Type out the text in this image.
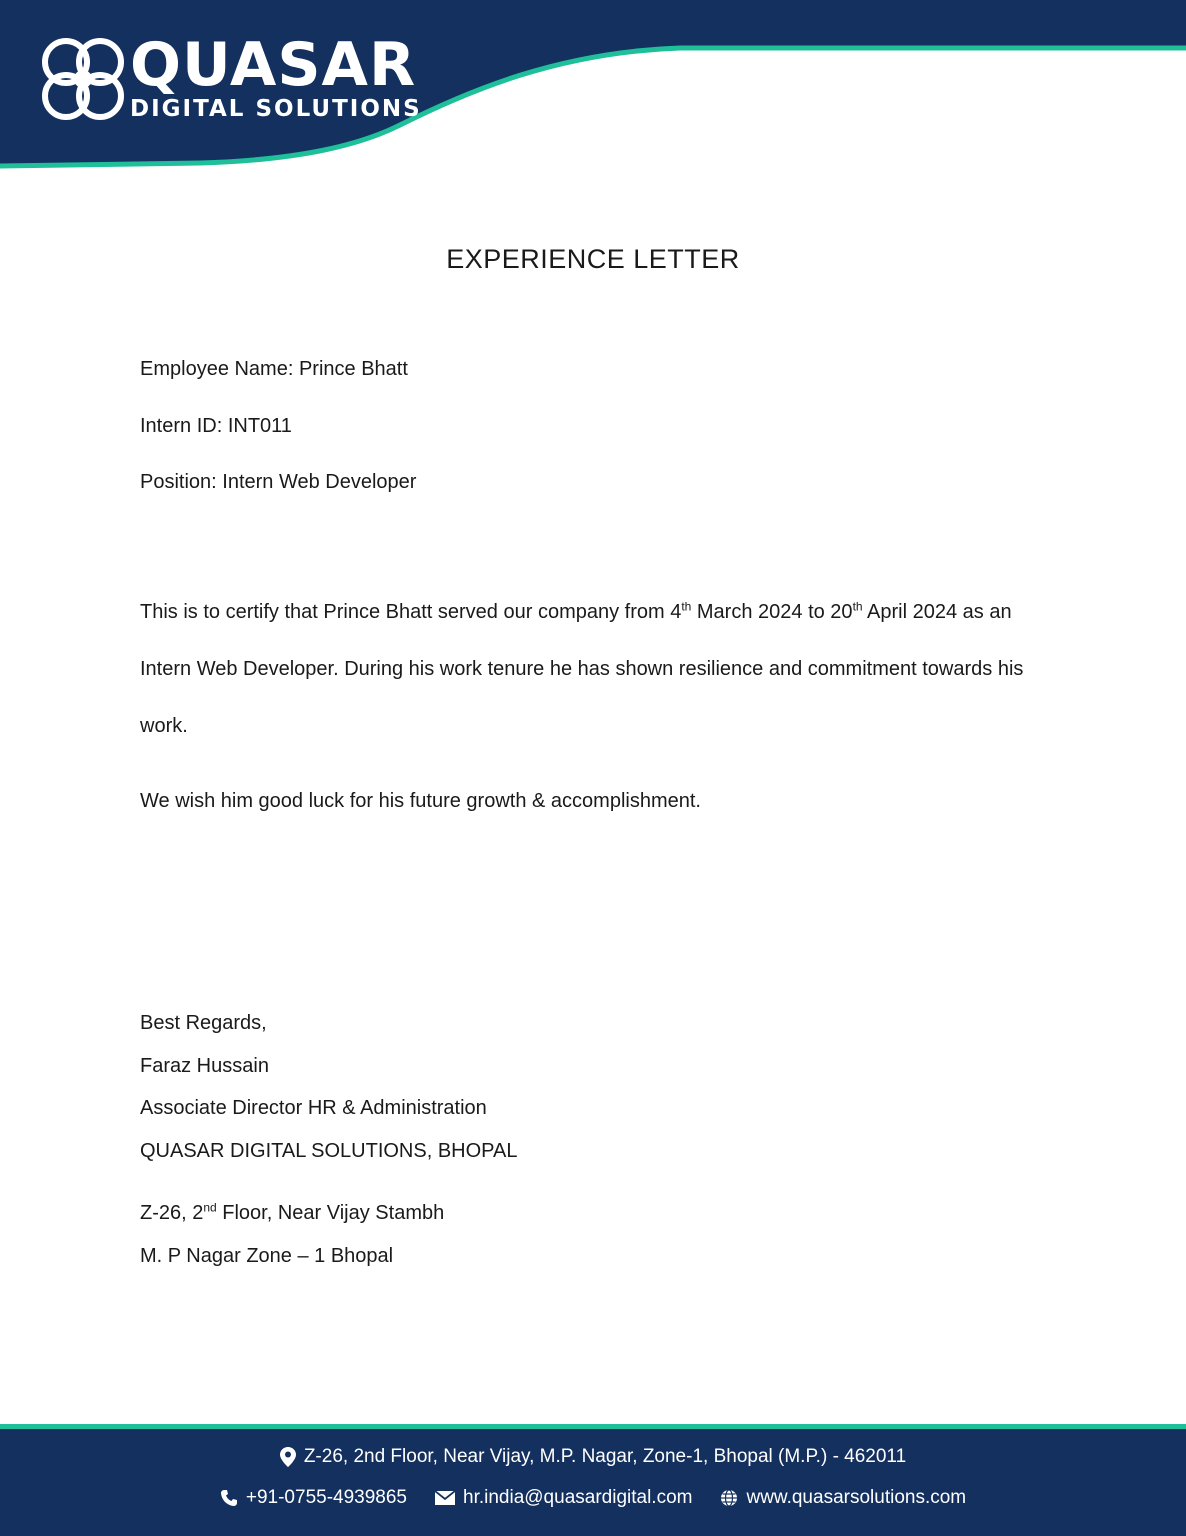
QUASAR
DIGITAL SOLUTIONS
EXPERIENCE LETTER
Employee Name: Prince Bhatt
Intern ID: INT011
Position: Intern Web Developer
This is to certify that Prince Bhatt served our company from 4th March 2024 to 20th April 2024 as an Intern Web Developer. During his work tenure he has shown resilience and commitment towards his work.
We wish him good luck for his future growth & accomplishment.
Best Regards,
Faraz Hussain
Associate Director HR & Administration
QUASAR DIGITAL SOLUTIONS, BHOPAL
Z-26, 2nd Floor, Near Vijay Stambh
M. P Nagar Zone – 1 Bhopal
Z-26, 2nd Floor, Near Vijay, M.P. Nagar, Zone-1, Bhopal (M.P.) - 462011
+91-0755-4939865	hr.india@quasardigital.com	www.quasarsolutions.com
